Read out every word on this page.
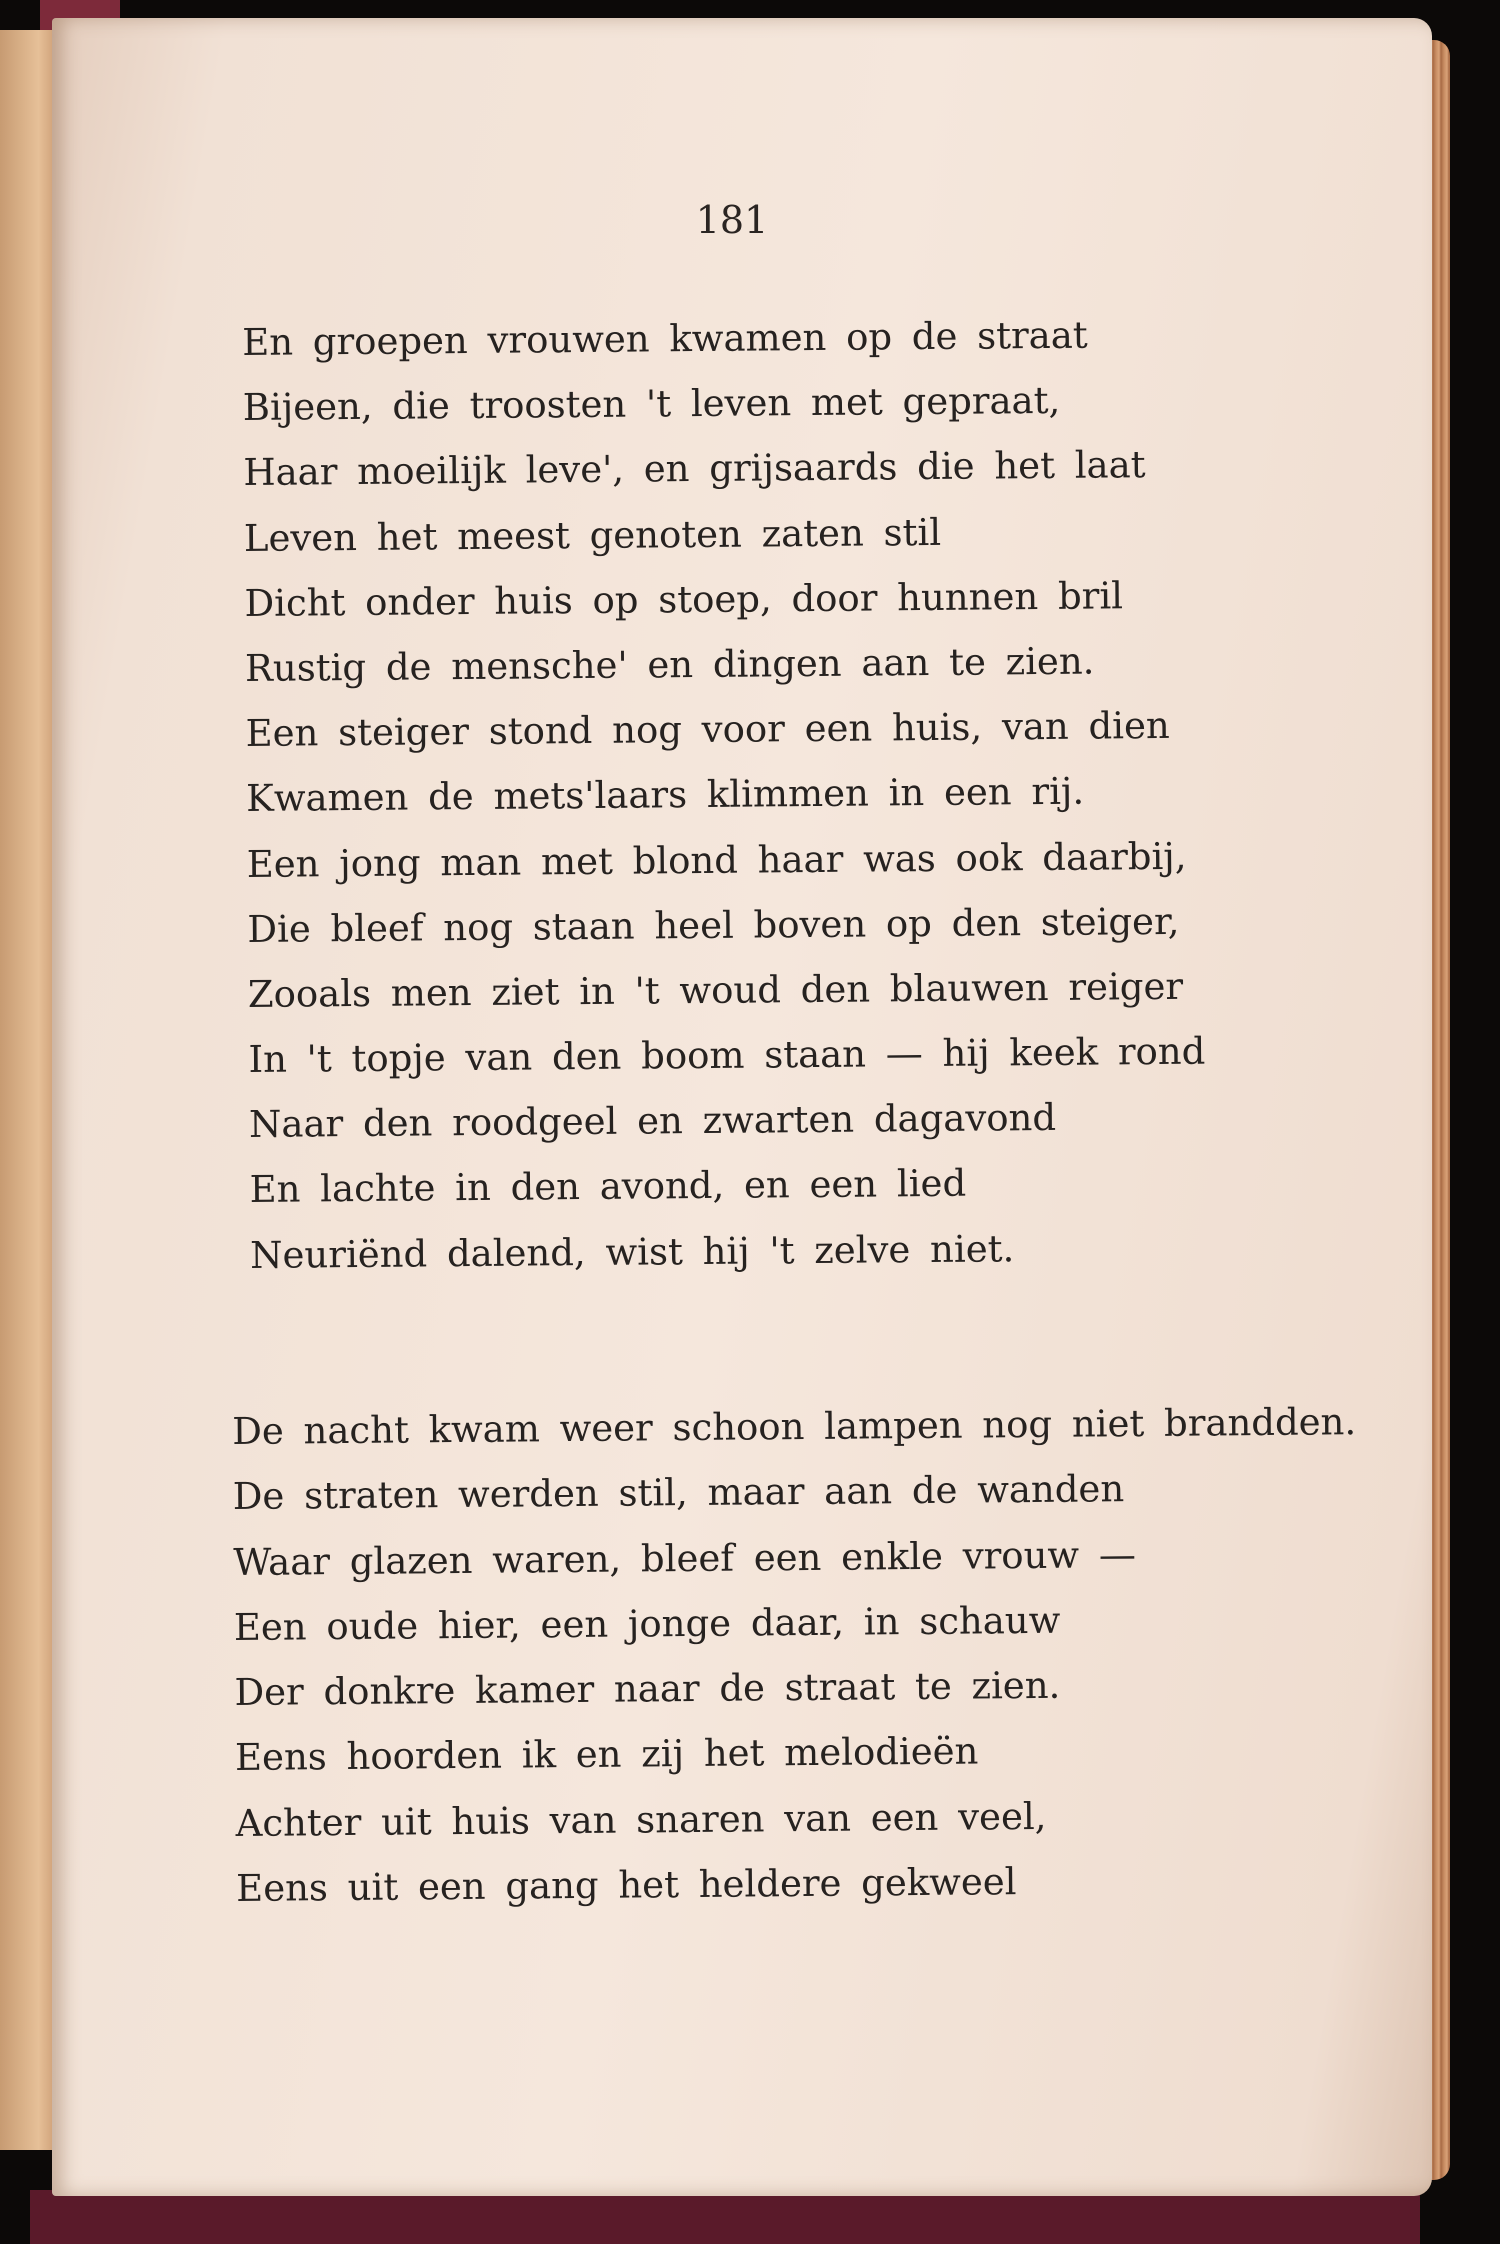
181

En groepen vrouwen kwamen op de straat
Bijeen, die troosten 't leven met gepraat,
Haar moeilijk leve', en grijsaards die het laat
Leven het meest genoten zaten stil
Dicht onder huis op stoep, door hunnen bril
Rustig de mensche' en dingen aan te zien.
Een steiger stond nog voor een huis, van dien
Kwamen de mets'laars klimmen in een rij.
Een jong man met blond haar was ook daarbij,
Die bleef nog staan heel boven op den steiger,
Zooals men ziet in 't woud den blauwen reiger
In 't topje van den boom staan — hij keek rond
Naar den roodgeel en zwarten dagavond
En lachte in den avond, en een lied
Neuriënd dalend, wist hij 't zelve niet.
De nacht kwam weer schoon lampen nog niet brandden.
De straten werden stil, maar aan de wanden
Waar glazen waren, bleef een enkle vrouw —
Een oude hier, een jonge daar, in schauw
Der donkre kamer naar de straat te zien.
Eens hoorden ik en zij het melodieën
Achter uit huis van snaren van een veel,
Eens uit een gang het heldere gekweel
